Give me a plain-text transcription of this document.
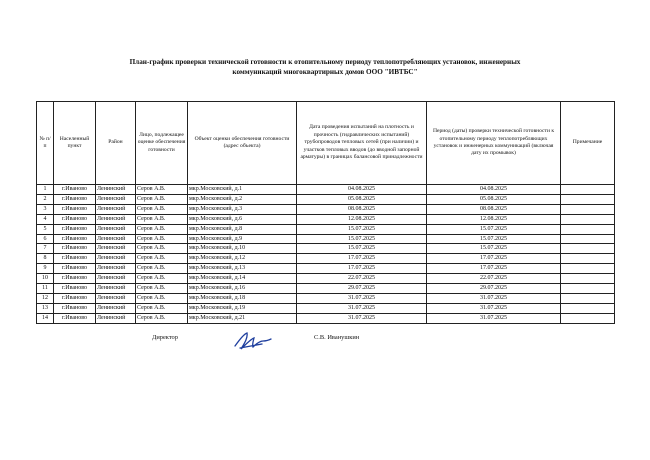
План-график проверки технической готовности к отопительному периоду теплопотребляющих установок, инженерных
коммуникаций многоквартирных домов ООО "ИВТБС"
№ п/п	Населенный пункт	Район	Лицо, подлежащее оценке обеспечения готовности	Объект оценки обеспечения готовности (адрес объекта)	Дата проведения испытаний на плотность и прочность (гидравлических испытаний) трубопроводов тепловых сетей (при наличии) и участков тепловых вводов (до вводной запорной арматуры) в границах балансовой принадлежности	Период (даты) проверки технической готовности к отопительному периоду теплопотребляющих установок и инженерных коммуникаций (включая дату их промывок)	Примечание
1	г.Иваново	Ленинский	Серов А.В.	мкр.Московский, д.1	04.08.2025	04.08.2025	
2	г.Иваново	Ленинский	Серов А.В.	мкр.Московский, д.2	05.08.2025	05.08.2025	
3	г.Иваново	Ленинский	Серов А.В.	мкр.Московский, д.3	08.08.2025	08.08.2025	
4	г.Иваново	Ленинский	Серов А.В.	мкр.Московский, д.6	12.08.2025	12.08.2025	
5	г.Иваново	Ленинский	Серов А.В.	мкр.Московский, д.8	15.07.2025	15.07.2025	
6	г.Иваново	Ленинский	Серов А.В.	мкр.Московский, д.9	15.07.2025	15.07.2025	
7	г.Иваново	Ленинский	Серов А.В.	мкр.Московский, д.10	15.07.2025	15.07.2025	
8	г.Иваново	Ленинский	Серов А.В.	мкр.Московский, д.12	17.07.2025	17.07.2025	
9	г.Иваново	Ленинский	Серов А.В.	мкр.Московский, д.13	17.07.2025	17.07.2025	
10	г.Иваново	Ленинский	Серов А.В.	мкр.Московский, д.14	22.07.2025	22.07.2025	
11	г.Иваново	Ленинский	Серов А.В.	мкр.Московский, д.16	29.07.2025	29.07.2025	
12	г.Иваново	Ленинский	Серов А.В.	мкр.Московский, д.18	31.07.2025	31.07.2025	
13	г.Иваново	Ленинский	Серов А.В.	мкр.Московский, д.19	31.07.2025	31.07.2025	
14	г.Иваново	Ленинский	Серов А.В.	мкр.Московский, д.21	31.07.2025	31.07.2025	
Директор	С.В. Иванушкин
